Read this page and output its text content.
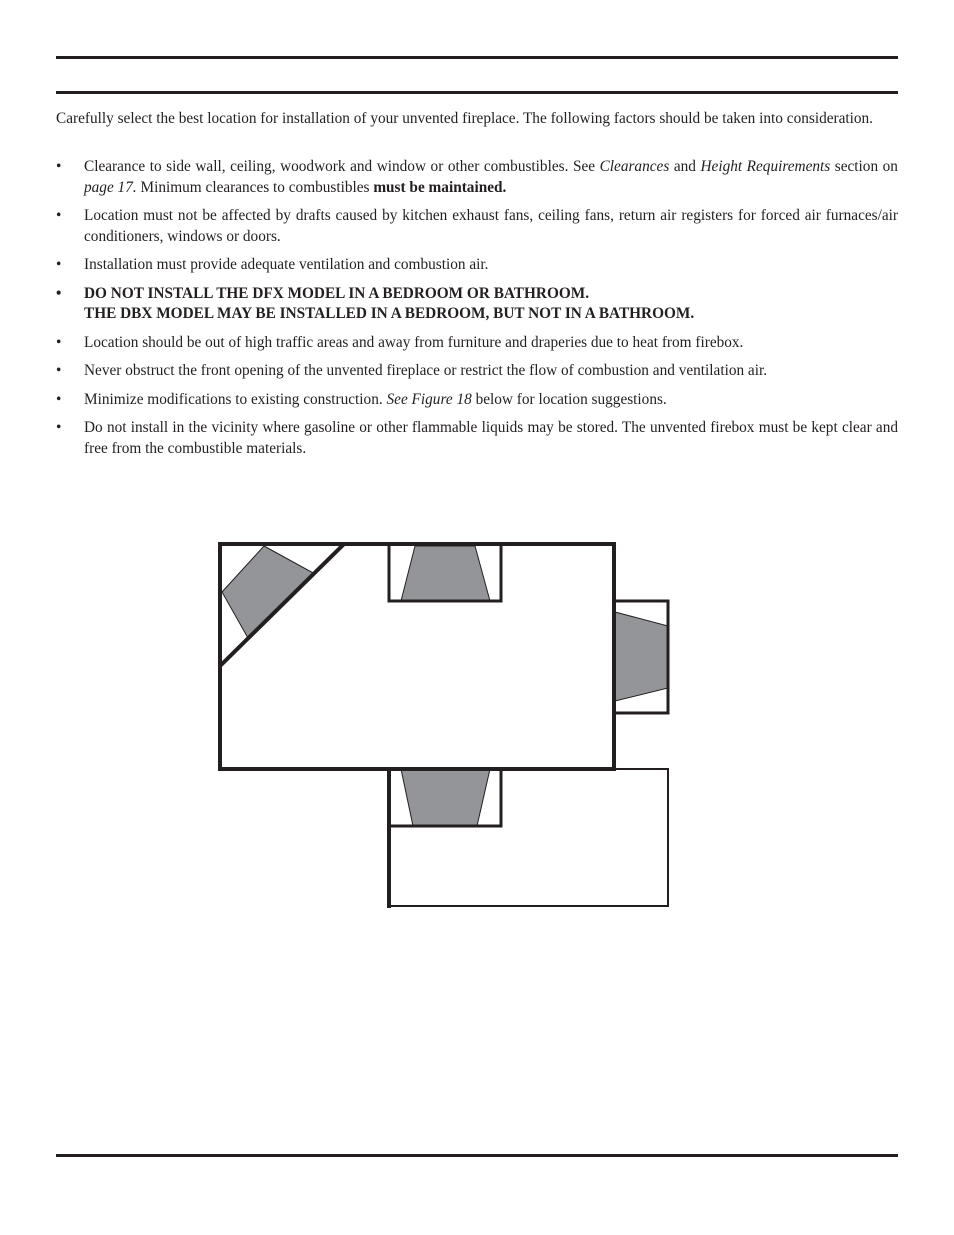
Carefully select the best location for installation of your unvented fireplace. The following factors should be taken into consideration.

• Clearance to side wall, ceiling, woodwork and window or other combustibles. See Clearances and Height Requirements section on page 17. Minimum clearances to combustibles must be maintained.
• Location must not be affected by drafts caused by kitchen exhaust fans, ceiling fans, return air registers for forced air furnaces/air conditioners, windows or doors.
• Installation must provide adequate ventilation and combustion air.
• DO NOT INSTALL THE DFX MODEL IN A BEDROOM OR BATHROOM.
THE DBX MODEL MAY BE INSTALLED IN A BEDROOM, BUT NOT IN A BATHROOM.
• Location should be out of high traffic areas and away from furniture and draperies due to heat from firebox.
• Never obstruct the front opening of the unvented fireplace or restrict the flow of combustion and ventilation air.
• Minimize modifications to existing construction. See Figure 18 below for location suggestions.
• Do not install in the vicinity where gasoline or other flammable liquids may be stored. The unvented firebox must be kept clear and free from the combustible materials.
